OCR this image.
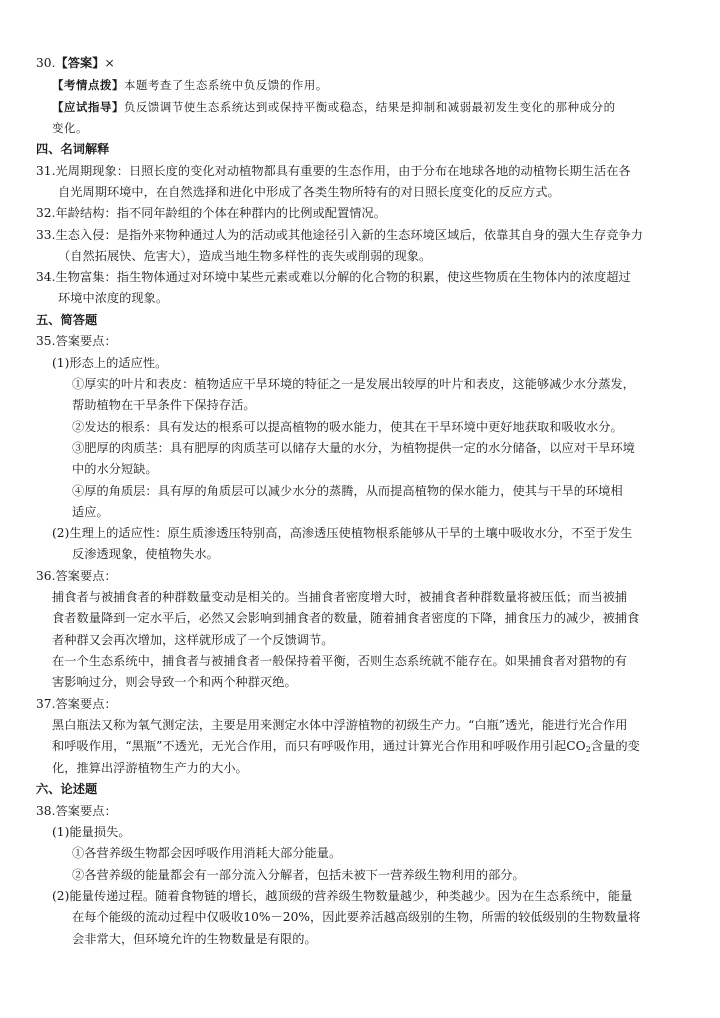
30.【答案】×
【考情点拨】本题考查了生态系统中负反馈的作用。
【应试指导】负反馈调节使生态系统达到或保持平衡或稳态，结果是抑制和减弱最初发生变化的那种成分的
变化。
四、名词解释
31.光周期现象：日照长度的变化对动植物都具有重要的生态作用，由于分布在地球各地的动植物长期生活在各
自光周期环境中，在自然选择和进化中形成了各类生物所特有的对日照长度变化的反应方式。
32.年龄结构：指不同年龄组的个体在种群内的比例或配置情况。
33.生态入侵：是指外来物种通过人为的活动或其他途径引入新的生态环境区域后，依靠其自身的强大生存竞争力
（自然拓展快、危害大），造成当地生物多样性的丧失或削弱的现象。
34.生物富集：指生物体通过对环境中某些元素或难以分解的化合物的积累，使这些物质在生物体内的浓度超过
环境中浓度的现象。
五、简答题
35.答案要点：
(1)形态上的适应性。
①厚实的叶片和表皮：植物适应干旱环境的特征之一是发展出较厚的叶片和表皮，这能够减少水分蒸发，
帮助植物在干旱条件下保持存活。
②发达的根系：具有发达的根系可以提高植物的吸水能力，使其在干旱环境中更好地获取和吸收水分。
③肥厚的肉质茎：具有肥厚的肉质茎可以储存大量的水分，为植物提供一定的水分储备，以应对干旱环境
中的水分短缺。
④厚的角质层：具有厚的角质层可以减少水分的蒸腾，从而提高植物的保水能力，使其与干旱的环境相
适应。
(2)生理上的适应性：原生质渗透压特别高，高渗透压使植物根系能够从干旱的土壤中吸收水分，不至于发生
反渗透现象，使植物失水。
36.答案要点：
捕食者与被捕食者的种群数量变动是相关的。当捕食者密度增大时，被捕食者种群数量将被压低；而当被捕
食者数量降到一定水平后，必然又会影响到捕食者的数量，随着捕食者密度的下降，捕食压力的减少，被捕食
者种群又会再次增加，这样就形成了一个反馈调节。
在一个生态系统中，捕食者与被捕食者一般保持着平衡，否则生态系统就不能存在。如果捕食者对猎物的有
害影响过分，则会导致一个和两个种群灭绝。
37.答案要点：
黑白瓶法又称为氧气测定法，主要是用来测定水体中浮游植物的初级生产力。“白瓶”透光，能进行光合作用
和呼吸作用，“黑瓶”不透光，无光合作用，而只有呼吸作用，通过计算光合作用和呼吸作用引起$CO_2$含量的变
化，推算出浮游植物生产力的大小。
六、论述题
38.答案要点：
(1)能量损失。
①各营养级生物都会因呼吸作用消耗大部分能量。
②各营养级的能量都会有一部分流入分解者，包括未被下一营养级生物利用的部分。
(2)能量传递过程。随着食物链的增长，越顶级的营养级生物数量越少，种类越少。因为在生态系统中，能量
在每个能级的流动过程中仅吸收10%－20%，因此要养活越高级别的生物，所需的较低级别的生物数量将
会非常大，但环境允许的生物数量是有限的。
